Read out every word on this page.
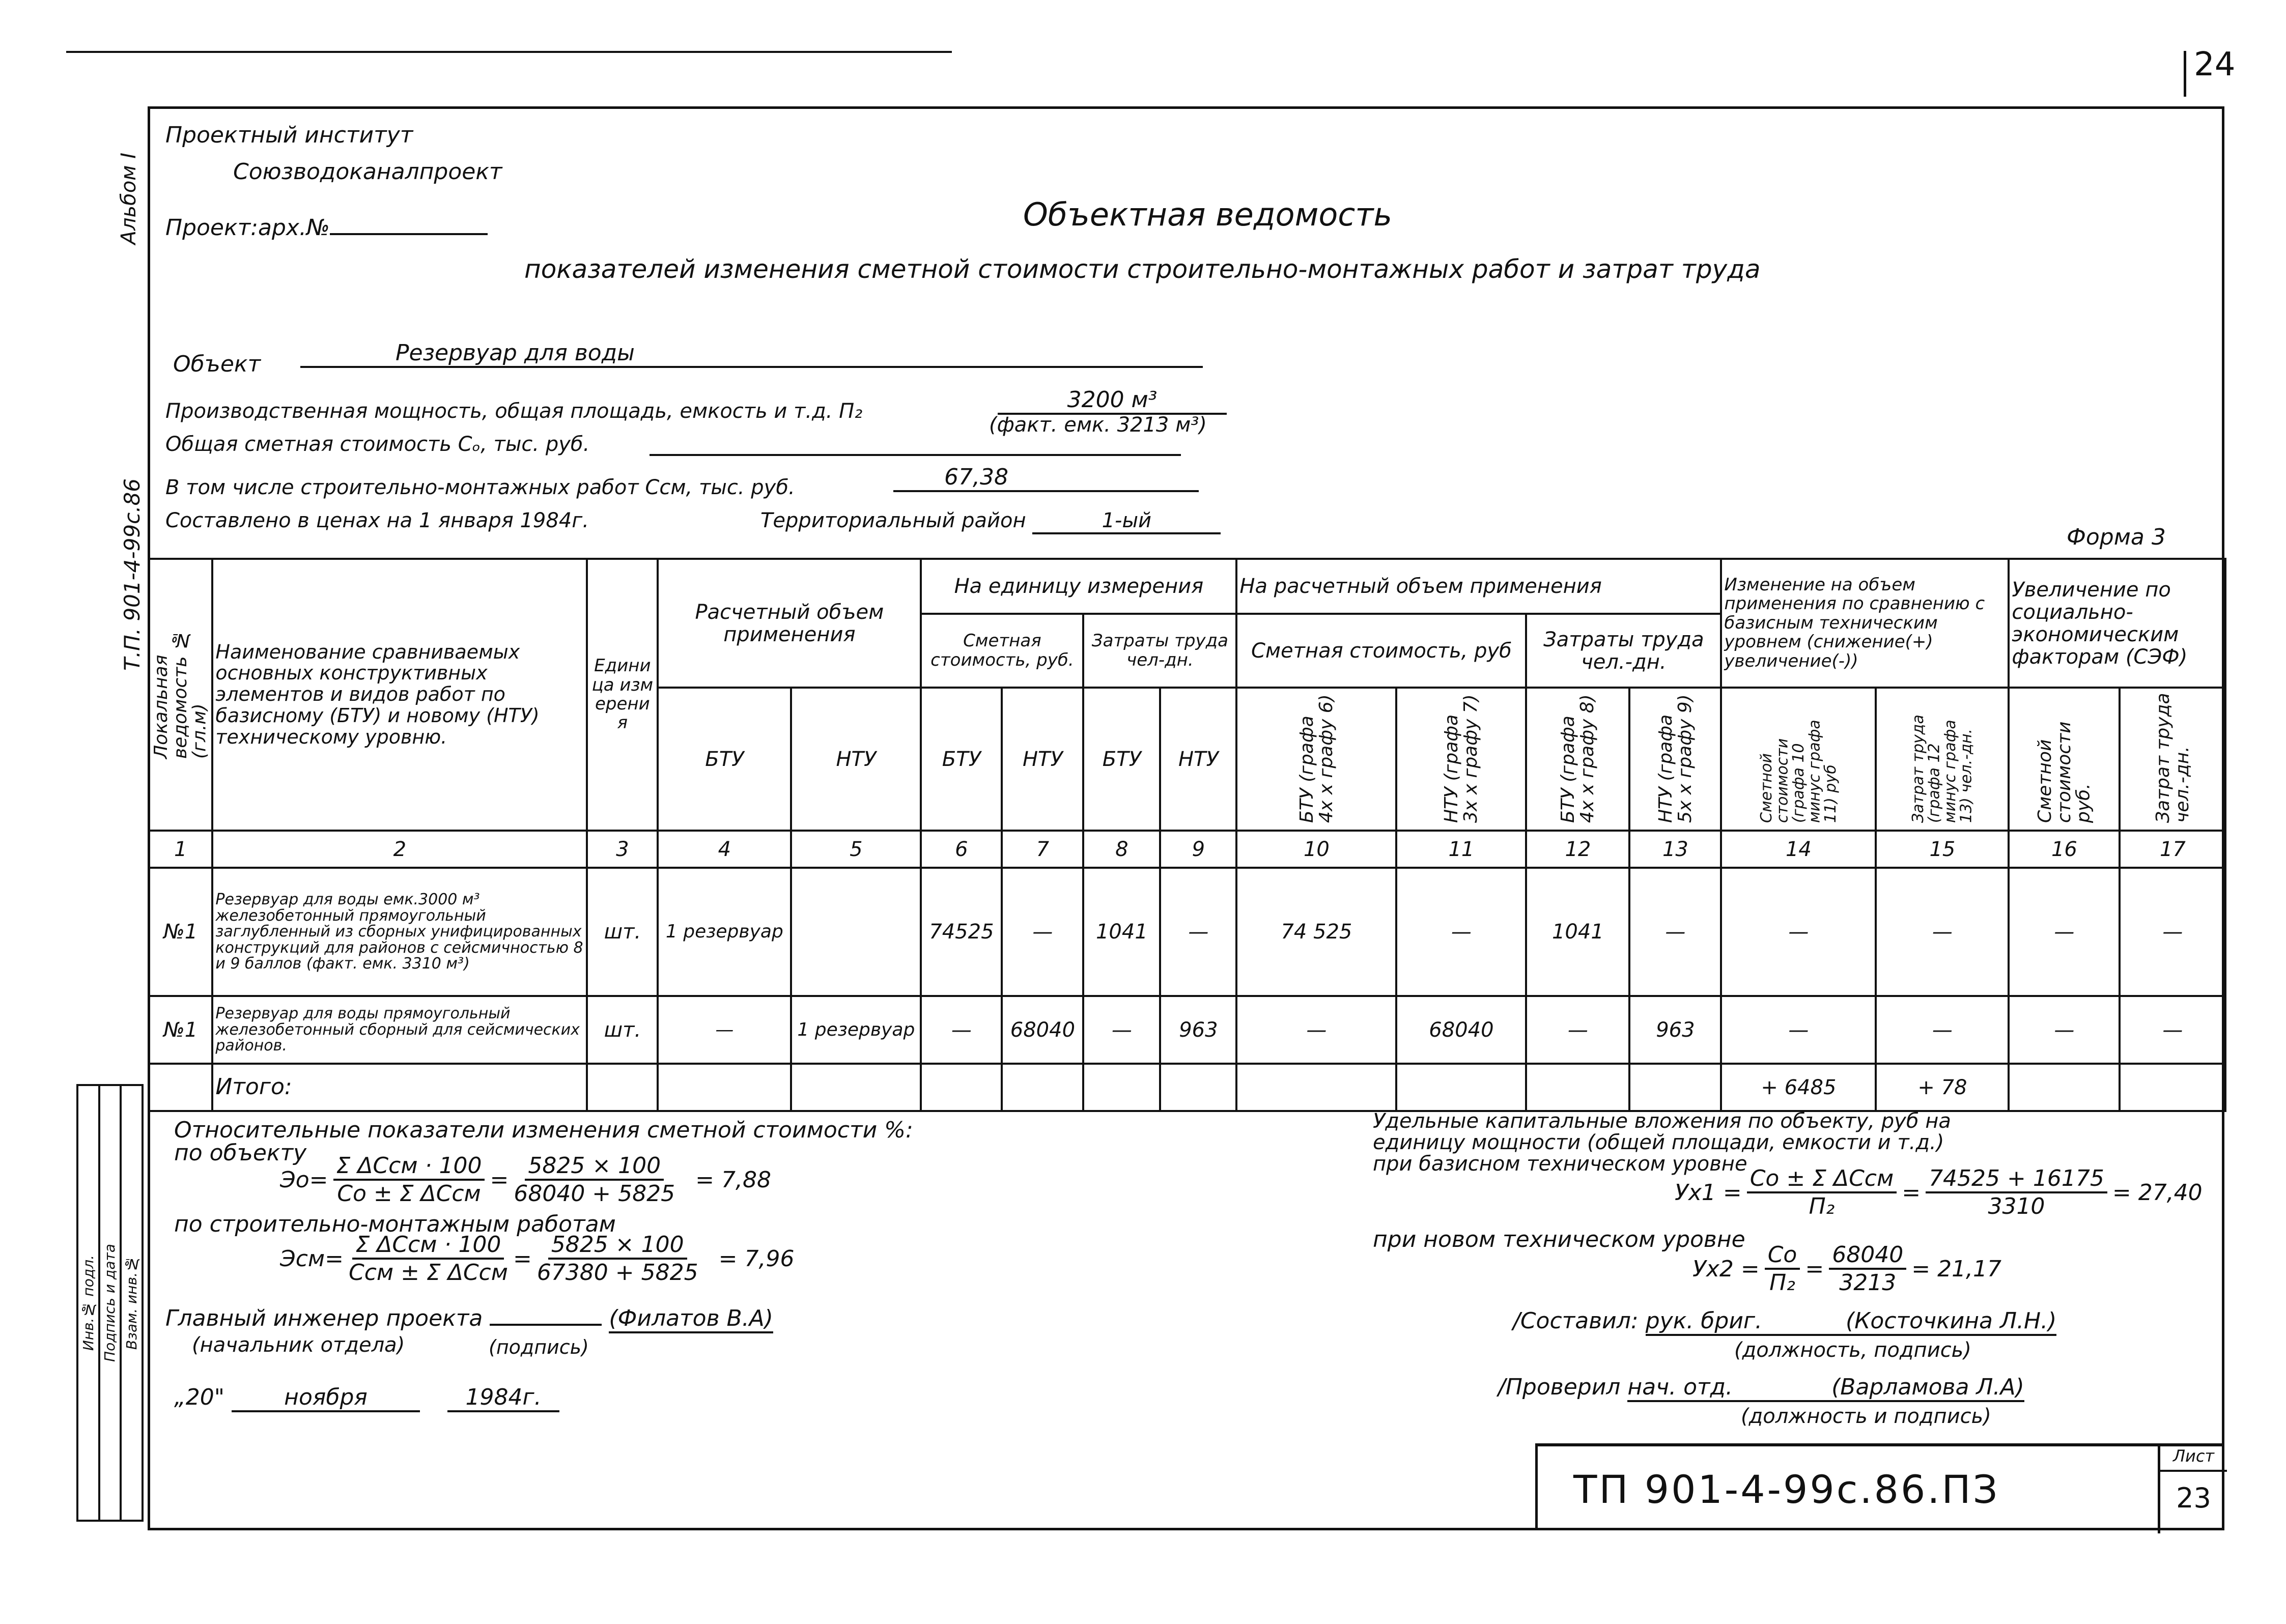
24
Альбом I
Т.П. 901-4-99с.86
Проектный институт
Союзводоканалпроект
Проект:арх.№	Объектная ведомость
показателей изменения сметной стоимости строительно-монтажных работ и затрат труда
Объект	Резервуар для воды
Производственная мощность, общая площадь, емкость и т.д. П₂	3200 м³
(факт. емк. 3213 м³)
Общая сметная стоимость Cₒ, тыс. руб.
В том числе строительно-монтажных работ Cсм, тыс. руб.	67,38
Составлено в ценах на 1 января 1984г.	Территориальный район	1-ый
Форма 3
Локальная ведомость № (гл.м)	Наименование сравниваемых основных конструктивных элементов и видов работ по базисному (БТУ) и новому (НТУ) техническому уровню.	Единица измерения	Расчетный объем применения		На единицу измерения				На расчетный объем применения				Изменение на объем применения по сравнению с базисным техническим уровнем (снижение(+) увеличение(-))		Увеличение по социально-экономическим факторам (СЭФ)	
					Сметная стоимость, руб.		Затраты труда чел-дн.		Сметная стоимость, руб		Затраты труда чел.-дн.					
			БТУ	НТУ	БТУ	НТУ	БТУ	НТУ	БТУ (графа 4х х графу 6)	НТУ (графа 3х х графу 7)	БТУ (графа 4х х графу 8)	НТУ (графа 5х х графу 9)	Сметной стоимости (графа 10 минус графа 11) руб	Затрат труда (графа 12 минус графа 13) чел.-дн.	Сметной стоимости руб.	Затрат труда чел.-дн.
1	2	3	4	5	6	7	8	9	10	11	12	13	14	15	16	17
№1	Резервуар для воды емк.3000 м³ железобетонный прямоугольный заглубленный из сборных унифицированных конструкций для районов с сейсмичностью 8 и 9 баллов (факт. емк. 3310 м³)	шт.	1 резервуар		74525	—	1041	—	74 525	—	1041	—	—	—	—	—
№1	Резервуар для воды прямоугольный железобетонный сборный для сейсмических районов.	шт.	—	1 резервуар	—	68040	—	963	—	68040	—	963	—	—	—	—
	Итого:												+ 6485	+ 78		
Инв.№ подл. Подпись и дата Взам. инв.№
Относительные показатели изменения сметной стоимости %:
по объекту
Эо = $\frac{\text{Σ ΔCсм · 100}}{\text{Cо ± Σ ΔCсм}} = \frac{5825 \times 100}{68040 + 5825} = 7,88$
по строительно-монтажным работам
Эсм = $\frac{\text{Σ ΔCсм · 100}}{\text{Cсм ± Σ ΔCсм}} = \frac{5825 \times 100}{67380 + 5825} = 7,96$
Главный инженер проекта	(Филатов В.А)
(начальник отдела)	(подпись)
„20"	ноября	1984г.
Удельные капитальные вложения по объекту, руб на
единицу мощности (общей площади, емкости и т.д.)
при базисном техническом уровне
$Ух1 = \frac{\text{Cо ± Σ ΔCсм}}{\text{П₂}} = \frac{74525 + 16175}{3310} = 27,40$
при новом техническом уровне
$Ух2 = \frac{Cо}{\text{П₂}} = \frac{68040}{3213} = 21,17$
/Составил: рук. бриг.	(Косточкина Л.Н.)
(должность, подпись)
/Проверил нач. отд.	(Варламова Л.А)
(должность и подпись)
ТП 901-4-99с.86.ПЗ
Лист
23
